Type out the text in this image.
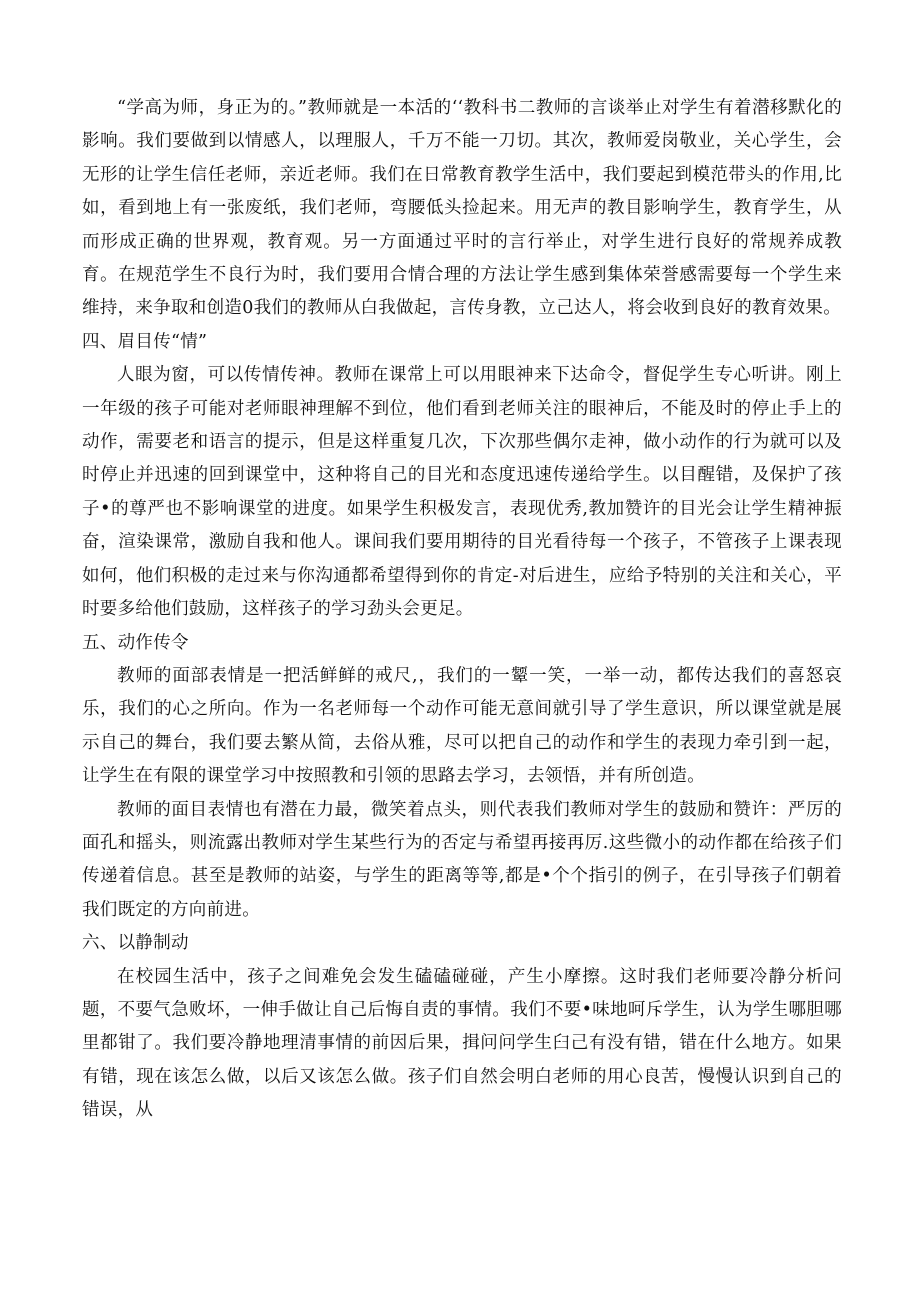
“学高为师，身正为的。”教师就是一本活的‘‘教科书二教师的言谈举止对学生有着潜移默化的影响。我们要做到以情感人，以理服人，千万不能一刀切。其次，教师爱岗敬业，关心学生，会无形的让学生信任老师，亲近老师。我们在日常教育教学生活中，我们要起到模范带头的作用,比如，看到地上有一张废纸，我们老师，弯腰低头捡起来。用无声的教目影响学生，教育学生，从而形成正确的世界观，教育观。另一方面通过平时的言行举止，对学生进行良好的常规养成教育。在规范学生不良行为时，我们要用合情合理的方法让学生感到集体荣誉感需要每一个学生来维持，来争取和创造0我们的教师从白我做起，言传身教，立己达人，将会收到良好的教育效果。

四、眉目传“情”

人眼为窗，可以传情传神。教师在课常上可以用眼神来下达命令，督促学生专心听讲。刚上一年级的孩子可能对老师眼神理解不到位，他们看到老师关注的眼神后，不能及时的停止手上的动作，需要老和语言的提示，但是这样重复几次，下次那些偶尔走神，做小动作的行为就可以及时停止并迅速的回到课堂中，这种将自己的目光和态度迅速传递给学生。以目醒错，及保护了孩子•的尊严也不影响课堂的进度。如果学生积极发言，表现优秀,教加赞许的目光会让学生精神振奋，渲染课常，激励自我和他人。课间我们要用期待的目光看待每一个孩子，不管孩子上课表现如何，他们积极的走过来与你沟通都希望得到你的肯定-对后进生，应给予特别的关注和关心，平时要多给他们鼓励，这样孩子的学习劲头会更足。

五、动作传令

教师的面部表情是一把活鲜鲜的戒尺,，我们的一颦一笑，一举一动，都传达我们的喜怒哀乐，我们的心之所向。作为一名老师每一个动作可能无意间就引导了学生意识，所以课堂就是展示自己的舞台，我们要去繁从简，去俗从雅，尽可以把自己的动作和学生的表现力牵引到一起，让学生在有限的课堂学习中按照教和引领的思路去学习，去领悟，并有所创造。

教师的面目表情也有潜在力最，微笑着点头，则代表我们教师对学生的鼓励和赞许：严厉的面孔和摇头，则流露出教师对学生某些行为的否定与希望再接再厉.这些微小的动作都在给孩子们传递着信息。甚至是教师的站姿，与学生的距离等等,都是•个个指引的例子，在引导孩子们朝着我们既定的方向前进。

六、以静制动

在校园生活中，孩子之间难免会发生磕磕碰碰，产生小摩擦。这时我们老师要冷静分析问题，不要气急败坏，一伸手做让自己后悔自责的事情。我们不要•味地呵斥学生，认为学生哪胆哪里都钳了。我们要冷静地理清事情的前因后果，揖问问学生臼己有没有错，错在什么地方。如果有错，现在该怎么做，以后又该怎么做。孩子们自然会明白老师的用心良苦，慢慢认识到自己的错误，从
